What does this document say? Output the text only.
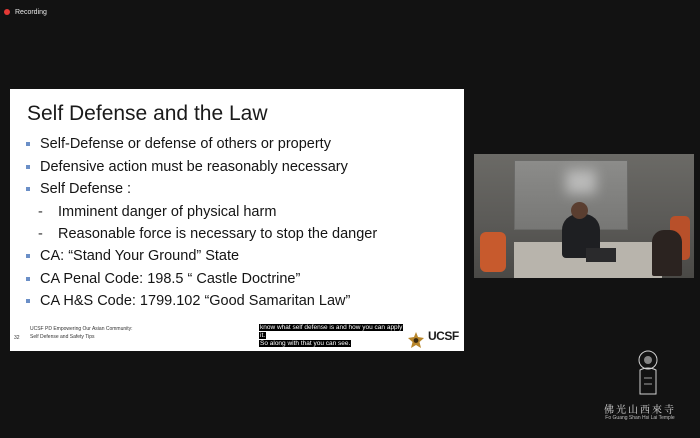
Recording
Self Defense and the Law
Self-Defense or defense of others or property
Defensive action must be reasonably necessary
Self Defense :
-	Imminent danger of physical harm
-	Reasonable force is necessary to stop the danger
CA: “Stand Your Ground” State
CA Penal Code: 198.5 “ Castle Doctrine”
CA H&S Code: 1799.102 “Good Samaritan Law”
32
UCSF PD Empowering Our Asian Community:
Self Defense and Safety Tips	UCSF
know what self defense is and how you can apply
it.
So along with that you can see.
佛光山西來寺
Fo Guang Shan Hsi Lai Temple
